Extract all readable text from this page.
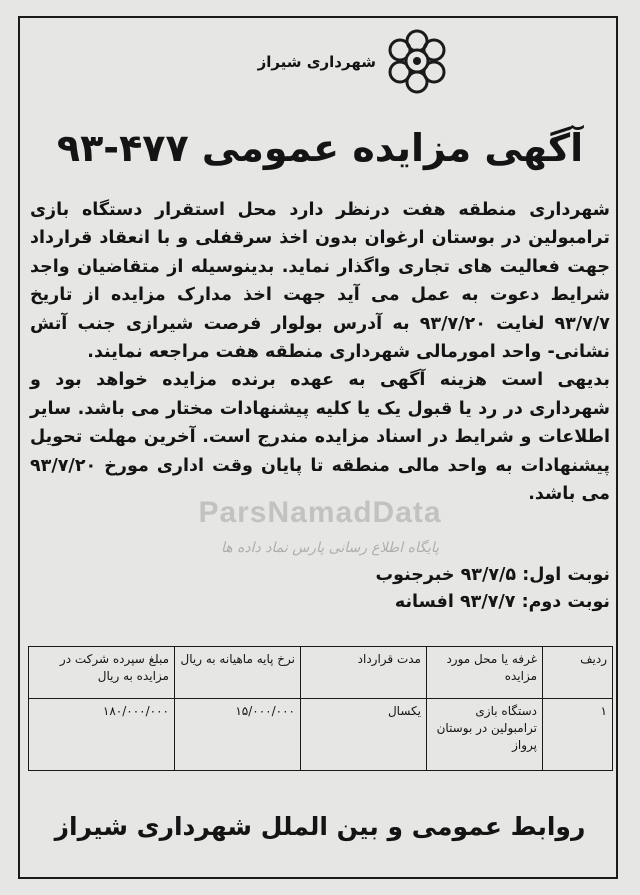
شهرداری شیراز
آگهی مزایده عمومی ۴۷۷-۹۳

شهرداری منطقه هفت درنظر دارد محل استقرار دستگاه بازی ترامبولین در بوستان ارغوان بدون اخذ سرقفلی و با انعقاد قرارداد جهت فعالیت های تجاری واگذار نماید. بدینوسیله از متقاضیان واجد شرایط دعوت به عمل می آید جهت اخذ مدارک مزایده از تاریخ ۹۳/۷/۷ لغایت ۹۳/۷/۲۰ به آدرس بولوار فرصت شیرازی جنب آتش نشانی- واحد امورمالی شهرداری منطقه هفت مراجعه نمایند.

بدیهی است هزینه آگهی به عهده برنده مزایده خواهد بود و شهرداری در رد یا قبول یک یا کلیه پیشنهادات مختار می باشد. سایر اطلاعات و شرایط در اسناد مزایده مندرج است. آخرین مهلت تحویل پیشنهادات به واحد مالی منطقه تا پایان وقت اداری مورخ ۹۳/۷/۲۰ می باشد.

ParsNamadData
پایگاه اطلاع رسانی پارس نماد داده ها
نوبت اول: ۹۳/۷/۵ خبرجنوب
نوبت دوم: ۹۳/۷/۷ افسانه
ردیف	غرفه یا محل مورد مزایده	مدت قرارداد	نرخ پایه ماهیانه به ریال	مبلغ سپرده شرکت در مزایده به ریال
۱	دستگاه بازی ترامبولین در بوستان پرواز	یکسال	۱۵/۰۰۰/۰۰۰	۱۸۰/۰۰۰/۰۰۰
روابط عمومی و بین الملل شهرداری شیراز
